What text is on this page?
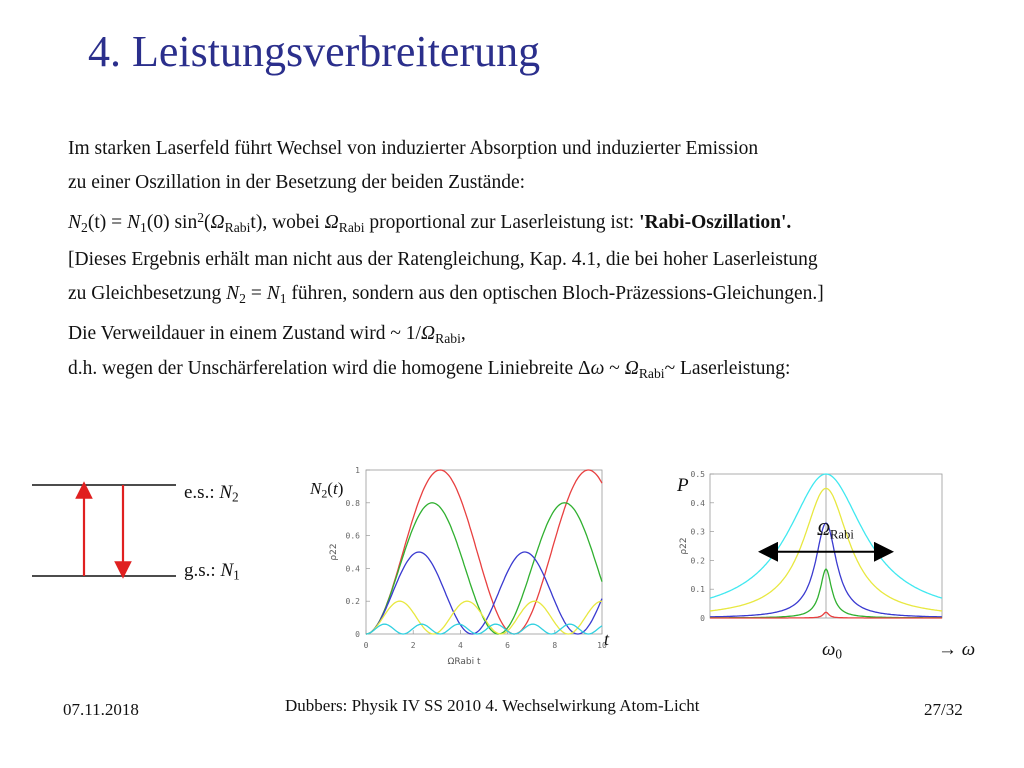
4. Leistungsverbreiterung
Im starken Laserfeld führt Wechsel von induzierter Absorption und induzierter Emission
zu einer Oszillation in der Besetzung der beiden Zustände:
$N_2(t) = N_1(0)$ $\sin^2(\Omega_{Rabi}t)$, wobei $\Omega_{Rabi}$ proportional zur Laserleistung ist: 'Rabi-Oszillation'.
[Dieses Ergebnis erhält man nicht aus der Ratengleichung, Kap. 4.1, die bei hoher Laserleistung
zu Gleichbesetzung $N_2 = N_1$ führen, sondern aus den optischen Bloch-Präzessions-Gleichungen.]
Die Verweildauer in einem Zustand wird ~ $1/\Omega_{Rabi}$,
d.h. wegen der Unschärferelation wird die homogene Liniebreite Δω ~ $\Omega_{Rabi}\sim$ Laserleistung:
e.s.: $N_2$
g.s.: $N_1$
0
0.2
0.4
0.6
0.8
1
0	2	4	6	8	10
ρ22
ΩRabi t
$N_2(t)$
t
0
0.1
0.2
0.3
0.4
0.5
ρ22
P
$\Omega_{Rabi}$
$\omega_0$	→ ω
07.11.2018	Dubbers: Physik IV SS 2010 4. Wechselwirkung Atom-Licht	27/32
